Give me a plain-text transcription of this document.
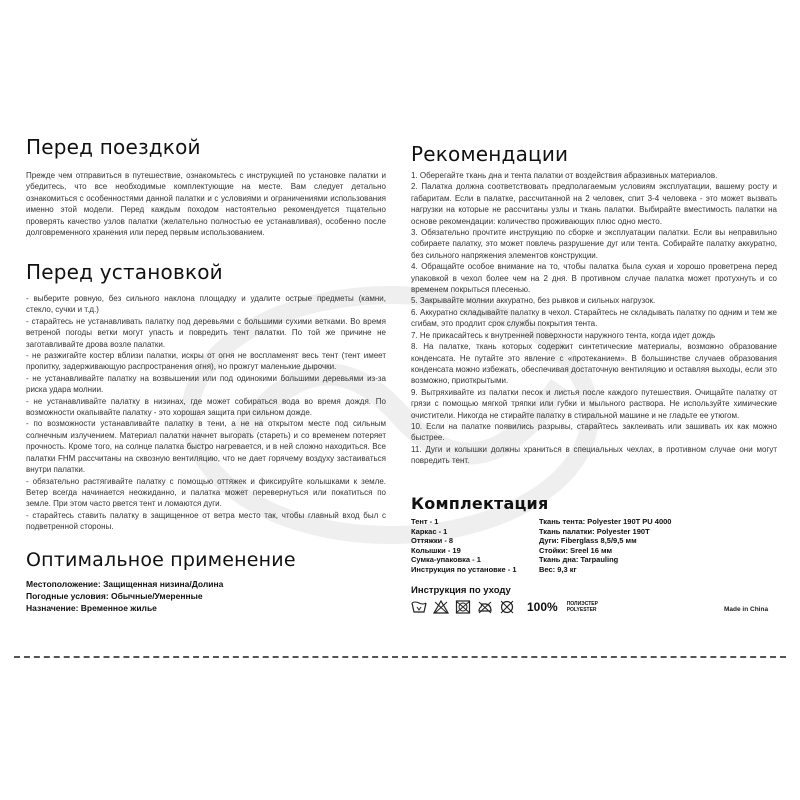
Перед поездкой

Прежде чем отправиться в путешествие, ознакомьтесь с инструкцией по установке палатки и убедитесь, что все необходимые комплектующие на месте. Вам следует детально ознакомиться с особенностями данной палатки и с условиями и ограничениями использования именно этой модели. Перед каждым походом настоятельно рекомендуется тщательно проверять качество узлов палатки (желательно полностью ее устанавливая), особенно после долговременного хранения или перед первым использованием.

Перед установкой

- выберите ровную, без сильного наклона площадку и удалите острые предметы (камни, стекло, сучки и т.д.)
- старайтесь не устанавливать палатку под деревьями с большими сухими ветками. Во время ветреной погоды ветки могут упасть и повредить тент палатки. По той же причине не заготавливайте дрова возле палатки.
- не разжигайте костер вблизи палатки, искры от огня не воспламенят весь тент (тент имеет пропитку, задерживающую распространения огня), но прожгут маленькие дырочки.
- не устанавливайте палатку на возвышении или под одинокими большими деревьями из-за риска удара молнии.
- не устанавливайте палатку в низинах, где может собираться вода во время дождя. По возможности окапывайте палатку - это хорошая защита при сильном дожде.
- по возможности устанавливайте палатку в тени, а не на открытом месте под сильным солнечным излучением. Материал палатки начнет выгорать (стареть) и со временем потеряет прочность. Кроме того, на солнце палатка быстро нагревается, и в ней сложно находиться. Все палатки FHM рассчитаны на сквозную вентиляцию, что не дает горячему воздуху застаиваться внутри палатки.
- обязательно растягивайте палатку с помощью оттяжек и фиксируйте колышками к земле. Ветер всегда начинается неожиданно, и палатка может перевернуться или покатиться по земле. При этом часто рвется тент и ломаются дуги.
- старайтесь ставить палатку в защищенное от ветра место так, чтобы главный вход был с подветренной стороны.

Оптимальное применение
Местоположение: Защищенная низина/Долина
Погодные условия: Обычные/Умеренные
Назначение: Временное жилье
Рекомендации

1. Оберегайте ткань дна и тента палатки от воздействия абразивных материалов.
2. Палатка должна соответствовать предполагаемым условиям эксплуатации, вашему росту и габаритам. Если в палатке, рассчитанной на 2 человек, спит 3-4 человека - это может вызвать нагрузки на которые не рассчитаны узлы и ткань палатки. Выбирайте вместимость палатки на основе рекомендации: количество проживающих плюс одно место.
3. Обязательно прочтите инструкцию по сборке и эксплуатации палатки. Если вы неправильно собираете палатку, это может повлечь разрушение дуг или тента. Собирайте палатку аккуратно, без сильного напряжения элементов конструкции.
4. Обращайте особое внимание на то, чтобы палатка была сухая и хорошо проветрена перед упаковкой в чехол более чем на 2 дня. В противном случае палатка может протухнуть и со временем покрыться плесенью.
5. Закрывайте молнии аккуратно, без рывков и сильных нагрузок.
6. Аккуратно складывайте палатку в чехол. Старайтесь не складывать палатку по одним и тем же сгибам, это продлит срок службы покрытия тента.
7. Не прикасайтесь к внутренней поверхности наружного тента, когда идет дождь
8. На палатке, ткань которых содержит синтетические материалы, возможно образование конденсата. Не путайте это явление с «протеканием». В большинстве случаев образования конденсата можно избежать, обеспечивая достаточную вентиляцию и оставляя выходы, если это возможно, приоткрытыми.
9. Вытряхивайте из палатки песок и листья после каждого путешествия. Очищайте палатку от грязи с помощью мягкой тряпки или губки и мыльного раствора. Не используйте химические очистители. Никогда не стирайте палатку в стиральной машине и не гладьте ее утюгом.
10. Если на палатке появились разрывы, старайтесь заклеивать или зашивать их как можно быстрее.
11. Дуги и колышки должны храниться в специальных чехлах, в противном случае они могут повредить тент.

Комплектация
Тент - 1
Каркас - 1
Оттяжки - 8
Колышки - 19
Сумка-упаковка - 1
Инструкция по установке - 1
Ткань тента: Polyester 190T PU 4000
Ткань палатки: Polyester 190T
Дуги: Fiberglass 8,5/9,5 мм
Стойки: Sreel 16 мм
Ткань дна: Tarpauling
Вес: 9,3 кг
Инструкция по уходу
100% ПОЛИЭСТЕР
POLYESTER	Made in China
